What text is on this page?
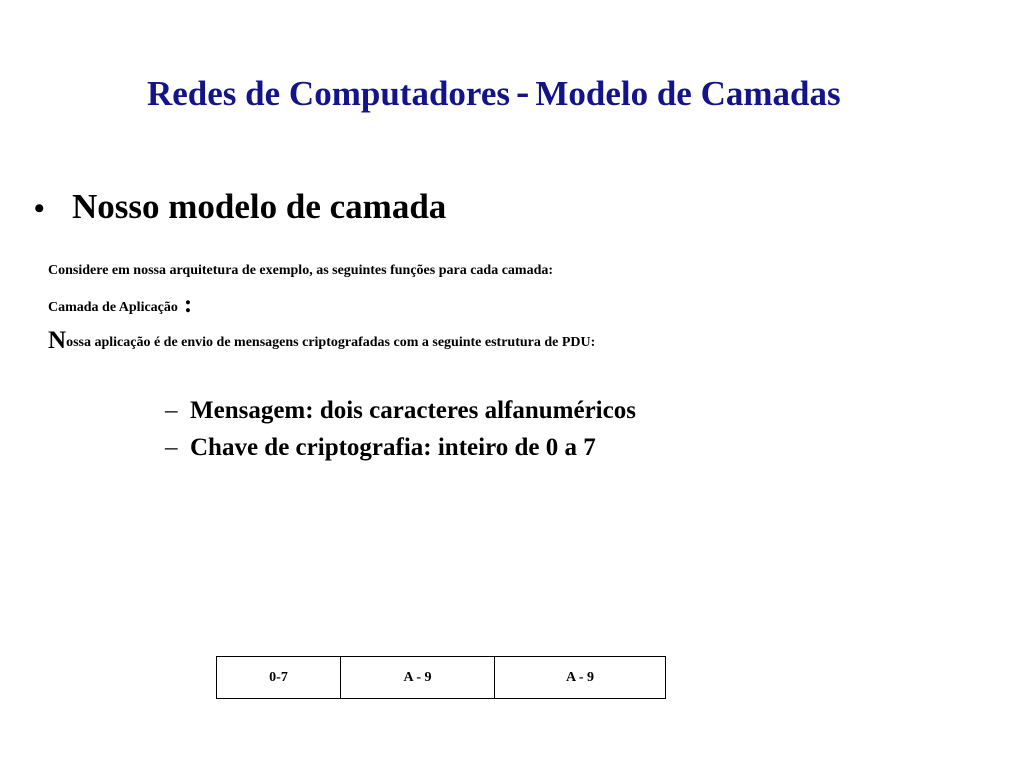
Redes de Computadores - Modelo de Camadas
• Nosso modelo de camada
Considere em nossa arquitetura de exemplo, as seguintes funções para cada camada:
Camada de Aplicação :
Nossa aplicação é de envio de mensagens criptografadas com a seguinte estrutura de PDU:
– Mensagem: dois caracteres alfanuméricos
– Chave de criptografia: inteiro de 0 a 7
0-7	A - 9	A - 9
